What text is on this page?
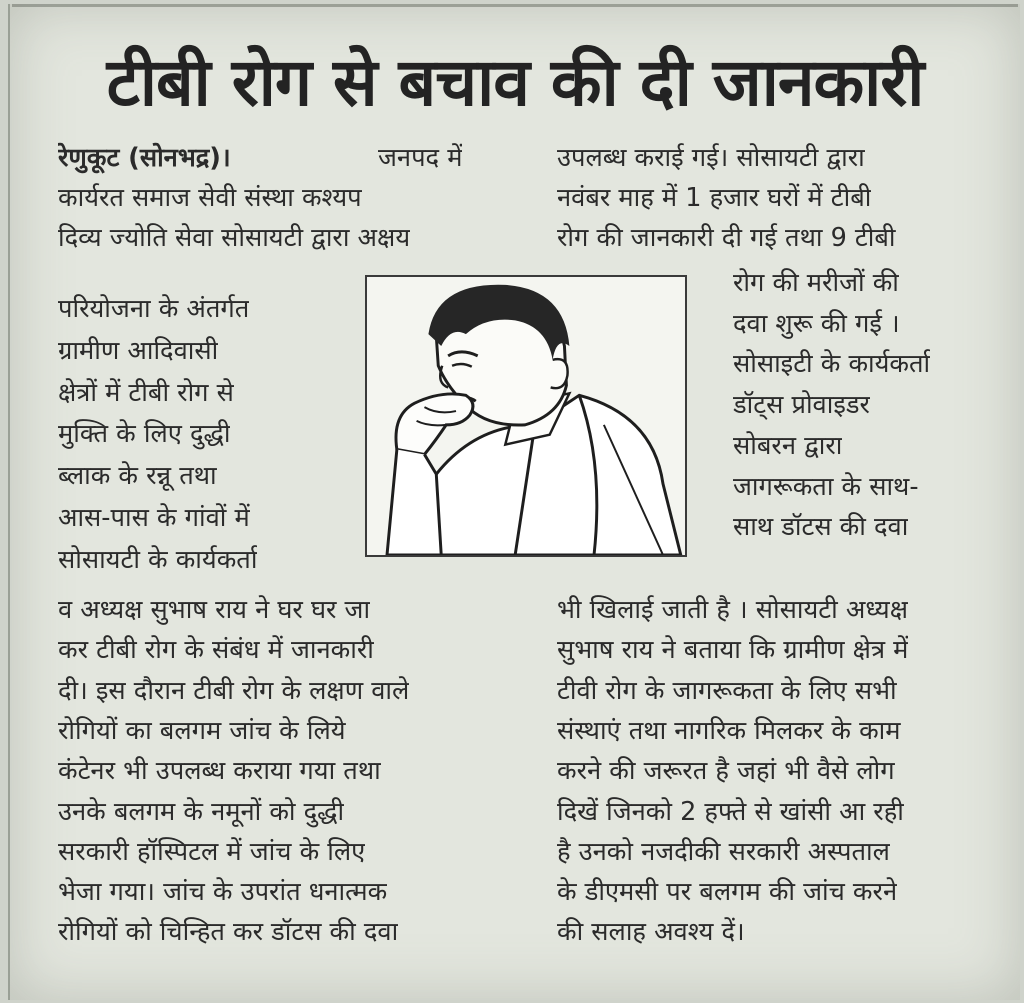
टीबी रोग से बचाव की दी जानकारी
रेणुकूट (सोनभद्र)।	जनपद में
कार्यरत समाज सेवी संस्था कश्यप
दिव्य ज्योति सेवा सोसायटी द्वारा अक्षय
परियोजना के अंतर्गत
ग्रामीण आदिवासी
क्षेत्रों में टीबी रोग से
मुक्ति के लिए दुद्धी
ब्लाक के रन्नू तथा
आस-पास के गांवों में
सोसायटी के कार्यकर्ता
व अध्यक्ष सुभाष राय ने घर घर जा
कर टीबी रोग के संबंध में जानकारी
दी। इस दौरान टीबी रोग के लक्षण वाले
रोगियों का बलगम जांच के लिये
कंटेनर भी उपलब्ध कराया गया तथा
उनके बलगम के नमूनों को दुद्धी
सरकारी हॉस्पिटल में जांच के लिए
भेजा गया। जांच के उपरांत धनात्मक
रोगियों को चिन्हित कर डॉटस की दवा
उपलब्ध कराई गई। सोसायटी द्वारा
नवंबर माह में 1 हजार घरों में टीबी
रोग की जानकारी दी गई तथा 9 टीबी
रोग की मरीजों की
दवा शुरू की गई ।
सोसाइटी के कार्यकर्ता
डॉट्स प्रोवाइडर
सोबरन द्वारा
जागरूकता के साथ-
साथ डॉटस की दवा
भी खिलाई जाती है । सोसायटी अध्यक्ष
सुभाष राय ने बताया कि ग्रामीण क्षेत्र में
टीवी रोग के जागरूकता के लिए सभी
संस्थाएं तथा नागरिक मिलकर के काम
करने की जरूरत है जहां भी वैसे लोग
दिखें जिनको 2 हफ्ते से खांसी आ रही
है उनको नजदीकी सरकारी अस्पताल
के डीएमसी पर बलगम की जांच करने
की सलाह अवश्य दें।
